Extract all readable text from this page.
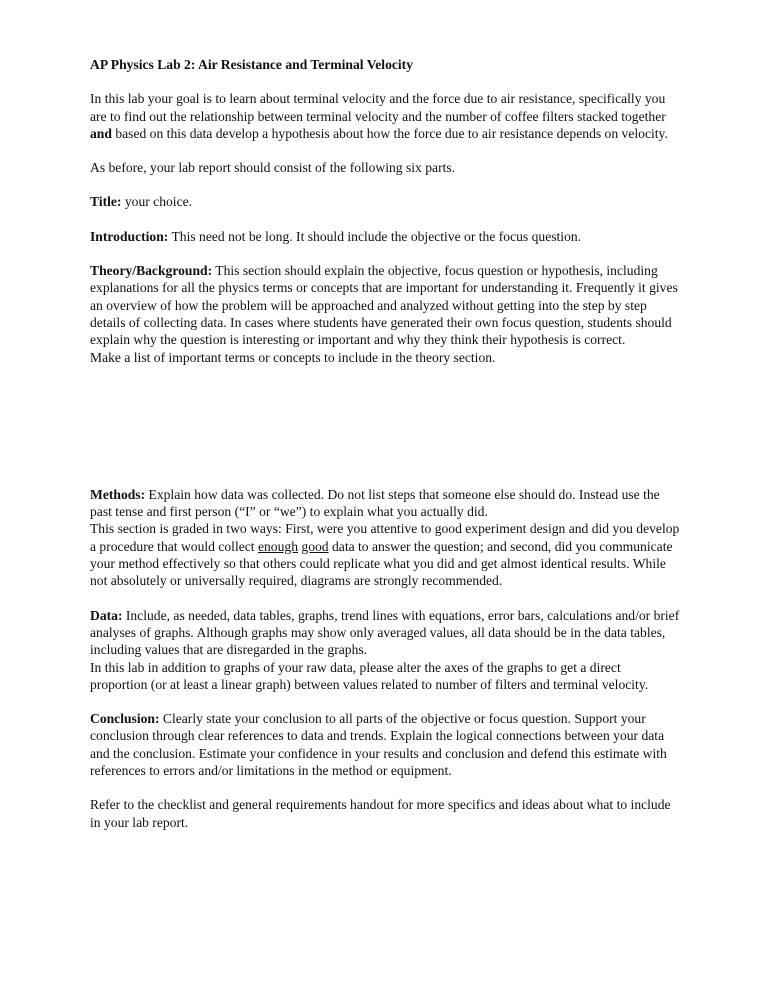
AP Physics Lab 2: Air Resistance and Terminal Velocity

In this lab your goal is to learn about terminal velocity and the force due to air resistance, specifically you are to find out the relationship between terminal velocity and the number of coffee filters stacked together and based on this data develop a hypothesis about how the force due to air resistance depends on velocity.

As before, your lab report should consist of the following six parts.

Title: your choice.

Introduction: This need not be long. It should include the objective or the focus question.

Theory/Background: This section should explain the objective, focus question or hypothesis, including explanations for all the physics terms or concepts that are important for understanding it. Frequently it gives an overview of how the problem will be approached and analyzed without getting into the step by step details of collecting data. In cases where students have generated their own focus question, students should explain why the question is interesting or important and why they think their hypothesis is correct.
Make a list of important terms or concepts to include in the theory section.
Methods: Explain how data was collected. Do not list steps that someone else should do. Instead use the past tense and first person (“I” or “we”) to explain what you actually did.
This section is graded in two ways: First, were you attentive to good experiment design and did you develop a procedure that would collect enough good data to answer the question; and second, did you communicate your method effectively so that others could replicate what you did and get almost identical results. While not absolutely or universally required, diagrams are strongly recommended.
Data: Include, as needed, data tables, graphs, trend lines with equations, error bars, calculations and/or brief analyses of graphs. Although graphs may show only averaged values, all data should be in the data tables, including values that are disregarded in the graphs.
In this lab in addition to graphs of your raw data, please alter the axes of the graphs to get a direct proportion (or at least a linear graph) between values related to number of filters and terminal velocity.

Conclusion: Clearly state your conclusion to all parts of the objective or focus question. Support your conclusion through clear references to data and trends. Explain the logical connections between your data and the conclusion. Estimate your confidence in your results and conclusion and defend this estimate with references to errors and/or limitations in the method or equipment.

Refer to the checklist and general requirements handout for more specifics and ideas about what to include in your lab report.
